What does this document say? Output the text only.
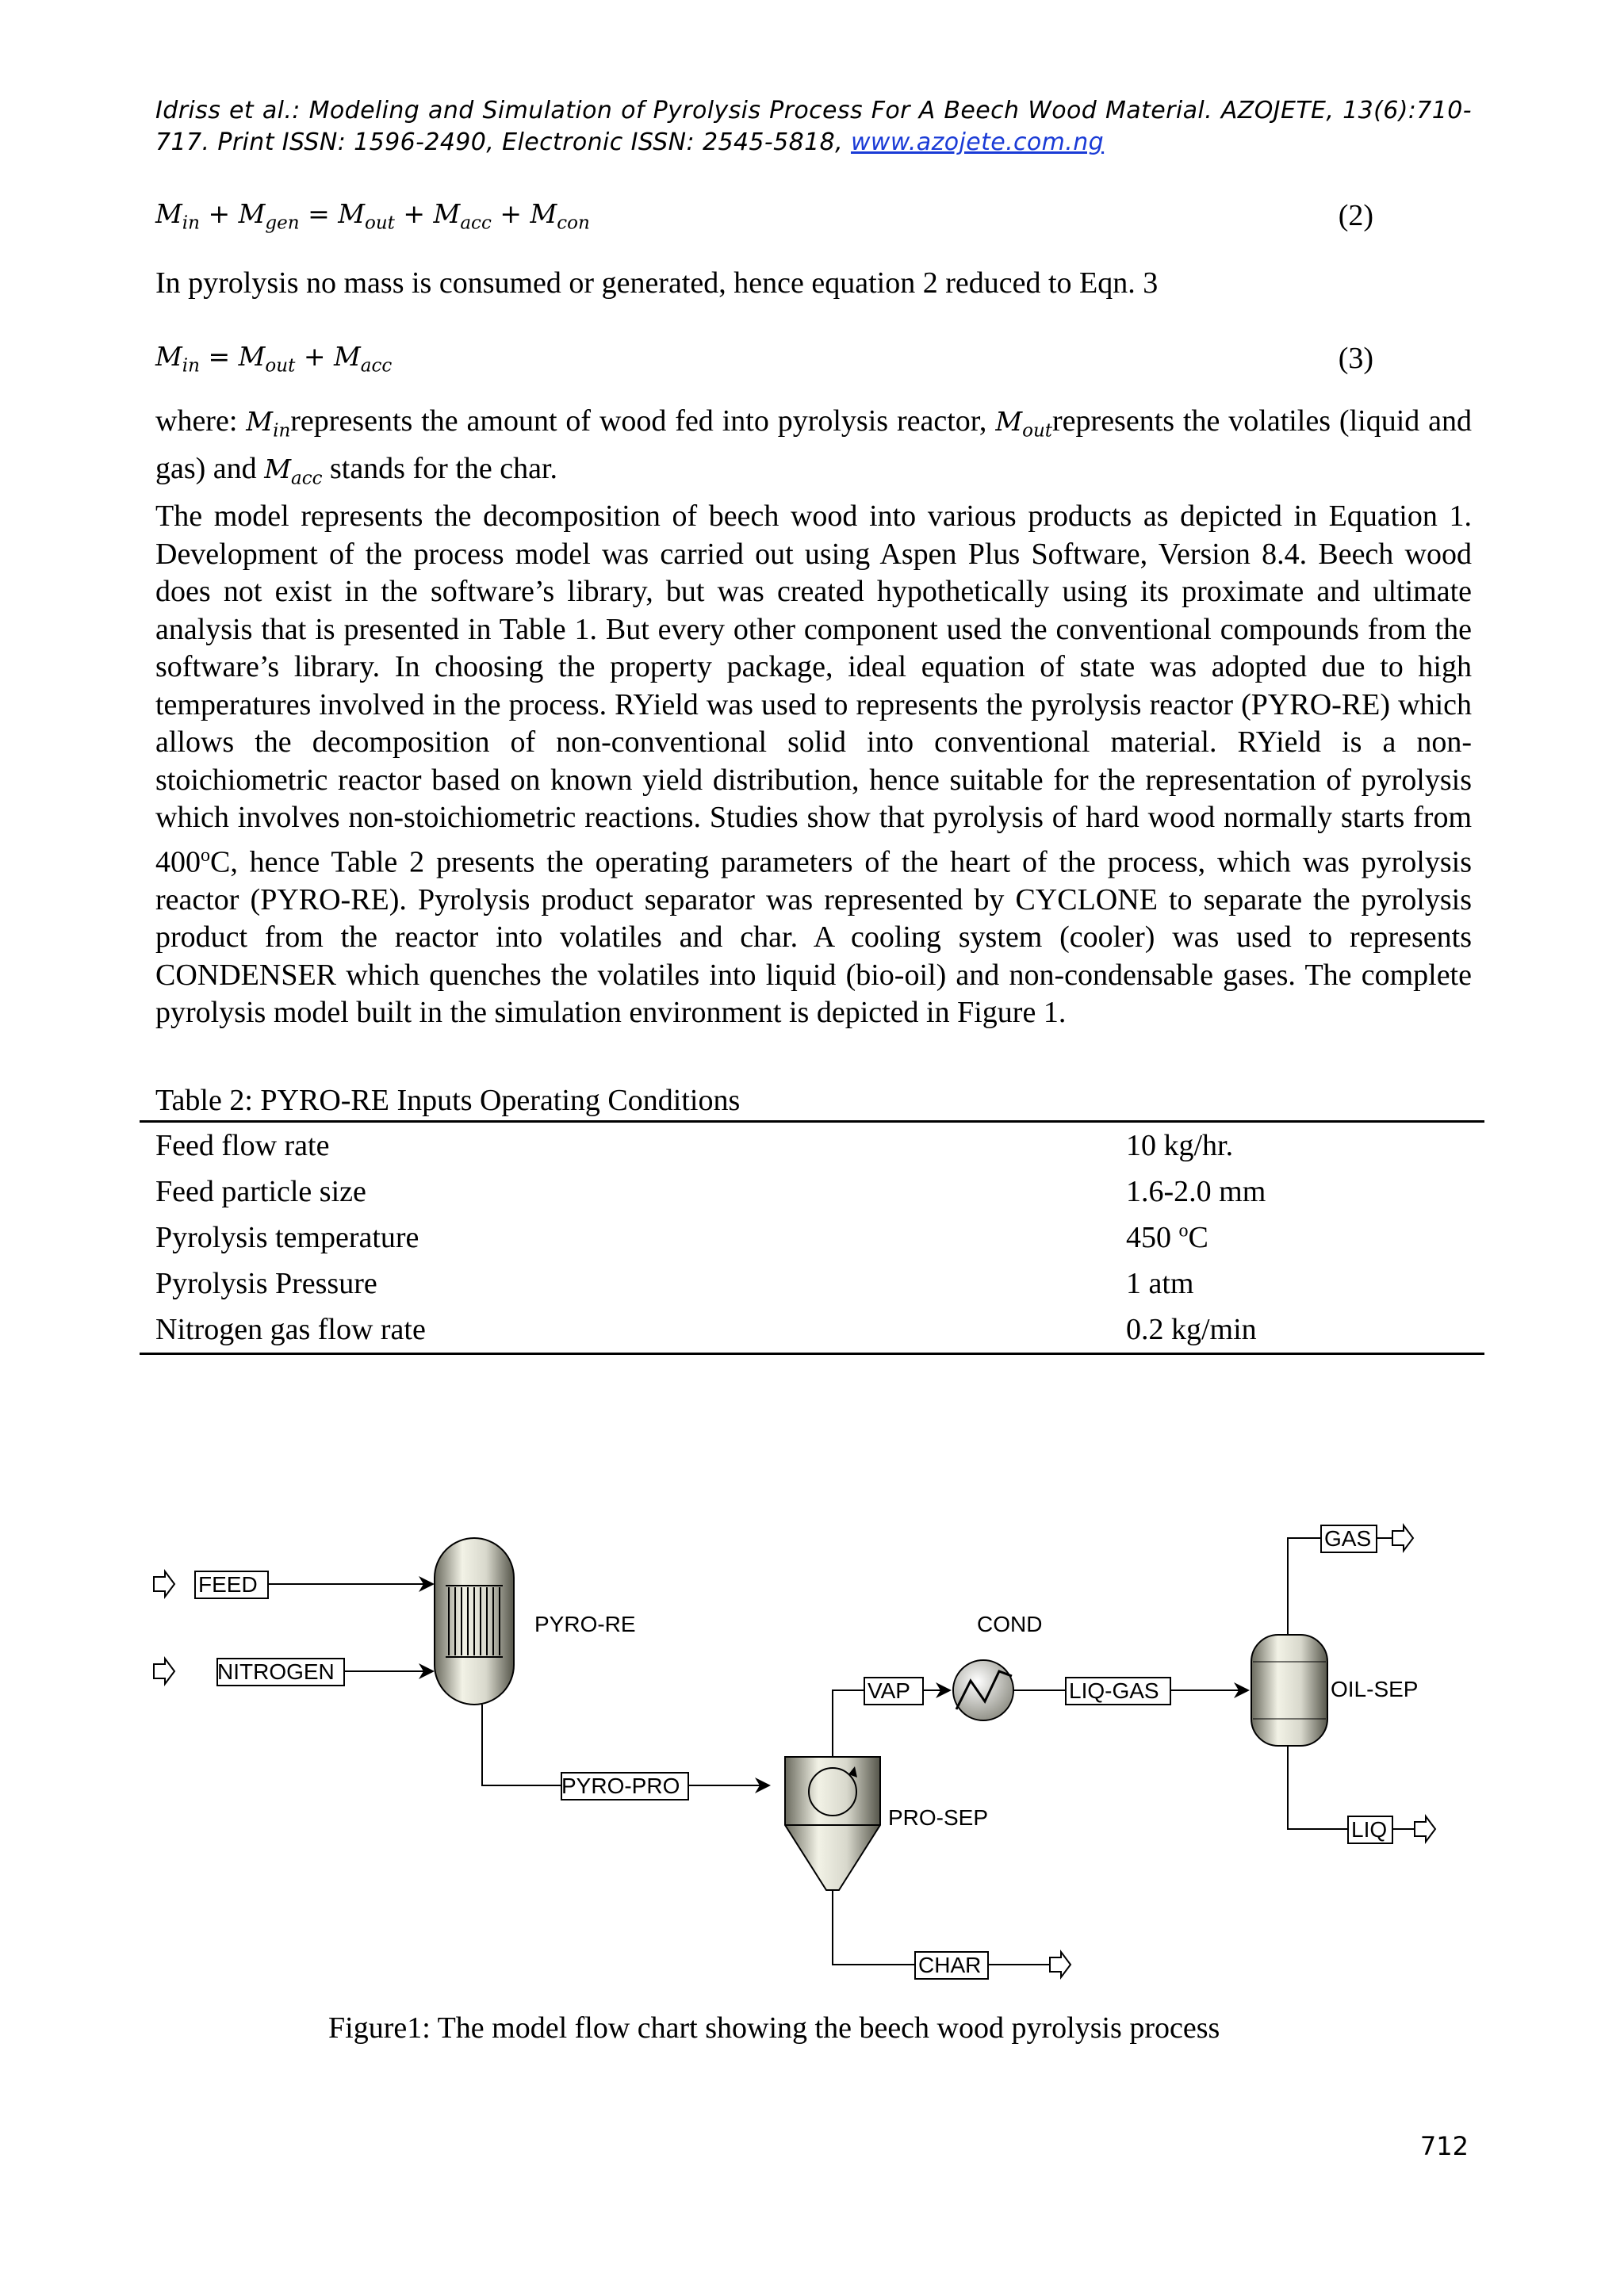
Idriss et al.: Modeling and Simulation of Pyrolysis Process For A Beech Wood Material. AZOJETE, 13(6):710-717. Print ISSN: 1596-2490, Electronic ISSN: 2545-5818, www.azojete.com.ng
$M_{in} + M_{gen} = M_{out} + M_{acc} + M_{con}$	(2)
In pyrolysis no mass is consumed or generated, hence equation 2 reduced to Eqn. 3
$M_{in} = M_{out} + M_{acc}$	(3)
where: $M_{in}represents$ the amount of wood fed into pyrolysis reactor, $M_{out}represents$ the volatiles (liquid and gas) and $M_{acc}$ stands for the char.
The model represents the decomposition of beech wood into various products as depicted in Equation 1. Development of the process model was carried out using Aspen Plus Software, Version 8.4. Beech wood does not exist in the software’s library, but was created hypothetically using its proximate and ultimate analysis that is presented in Table 1. But every other component used the conventional compounds from the software’s library. In choosing the property package, ideal equation of state was adopted due to high temperatures involved in the process. RYield was used to represents the pyrolysis reactor (PYRO-RE) which allows the decomposition of non-conventional solid into conventional material. RYield is a non-stoichiometric reactor based on known yield distribution, hence suitable for the representation of pyrolysis which involves non-stoichiometric reactions. Studies show that pyrolysis of hard wood normally starts from 400$^o$C, hence Table 2 presents the operating parameters of the heart of the process, which was pyrolysis reactor (PYRO-RE). Pyrolysis product separator was represented by CYCLONE to separate the pyrolysis product from the reactor into volatiles and char. A cooling system (cooler) was used to represents CONDENSER which quenches the volatiles into liquid (bio-oil) and non-condensable gases. The complete pyrolysis model built in the simulation environment is depicted in Figure 1.
Table 2: PYRO-RE Inputs Operating Conditions
Feed flow rate	10 kg/hr.
Feed particle size	1.6-2.0 mm
Pyrolysis temperature	450 $^o$C
Pyrolysis Pressure	1 atm
Nitrogen gas flow rate	0.2 kg/min
FEED
NITROGEN
PYRO-RE
PYRO-PRO
PRO-SEP
VAP
COND
LIQ-GAS	OIL-SEP
GAS
LIQ
CHAR
Figure1: The model flow chart showing the beech wood pyrolysis process
712
